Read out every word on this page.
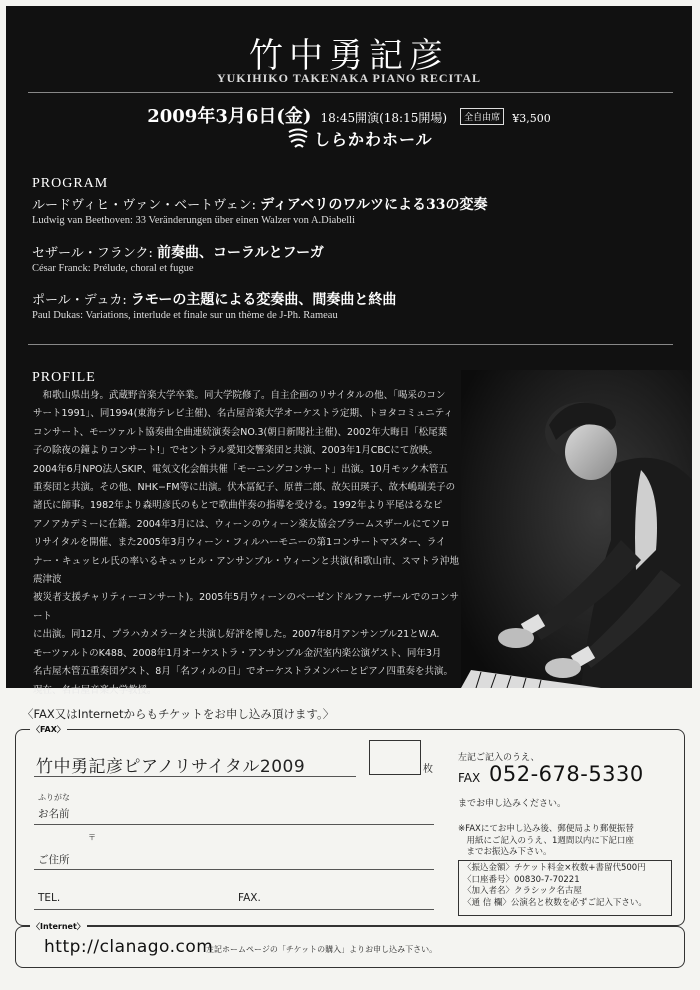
竹中勇記彦
YUKIHIKO TAKENAKA PIANO RECITAL
2009年3月6日(金) 18:45開演(18:15開場) 全自由席 ¥3,500
しらかわホール
PROGRAM
ルードヴィヒ・ヴァン・ベートヴェン: ディアベリのワルツによる33の変奏
Ludwig van Beethoven: 33 Veränderungen über einen Walzer von A.Diabelli
セザール・フランク: 前奏曲、コーラルとフーガ
César Franck: Prélude, choral et fugue
ポール・デュカ: ラモーの主題による変奏曲、間奏曲と終曲
Paul Dukas: Variations, interlude et finale sur un thème de J-Ph. Rameau
PROFILE
　和歌山県出身。武蔵野音楽大学卒業。同大学院修了。自主企画のリサイタルの他、「喝采のコン
サート1991」、同1994(東海テレビ主催)、名古屋音楽大学オーケストラ定期、トヨタコミュニティ
コンサート、モーツァルト協奏曲全曲連続演奏会NO.3(朝日新聞社主催)、2002年大晦日「松尾葉
子の除夜の鐘よりコンサート!」でセントラル愛知交響楽団と共演、2003年1月CBCにて放映。
2004年6月NPO法人SKIP、電気文化会館共催「モーニングコンサート」出演。10月モック木管五
重奏団と共演。その他、NHK−FM等に出演。伏木冨紀子、原普二郎、故矢田瑛子、故木嶋瑞美子の
諸氏に師事。1982年より森明彦氏のもとで歌曲伴奏の指導を受ける。1992年より平尾はるなピ
アノアカデミーに在籍。2004年3月には、ウィーンのウィーン楽友協会ブラームスザールにてソロ
リサイタルを開催、また2005年3月ウィーン・フィルハーモニーの第1コンサートマスター、ライ
ナー・キュッヒル氏の率いるキュッヒル・アンサンブル・ウィーンと共演(和歌山市、スマトラ沖地震津波
被災者支援チャリティーコンサート)。2005年5月ウィーンのベーゼンドルファーザールでのコンサート
に出演。同12月、プラハカメラータと共演し好評を博した。2007年8月アンサンブル21とW.A.
モーツァルトのK488、2008年1月オーケストラ・アンサンブル金沢室内楽公演ゲスト、同年3月
名古屋木管五重奏団ゲスト、8月「名フィルの日」でオーケストラメンバーとピアノ四重奏を共演。
現在、名古屋音楽大学教授。
〈FAX又はInternetからもチケットをお申し込み頂けます。〉
〈FAX〉
竹中勇記彦ピアノリサイタル2009	枚
ふりがな
お名前
〒
ご住所
TEL.	FAX.
左記ご記入のうえ、
FAX 052-678-5330
までお申し込みください。
※FAXにてお申し込み後、郵便局より郵便振替
　用紙にご記入のうえ、1週間以内に下記口座
　までお振込み下さい。
〈振込金額〉チケット料金×枚数+書留代500円
〈口座番号〉00830-7-70221
〈加入者名〉クラシック名古屋
〈通 信 欄〉公演名と枚数を必ずご記入下さい。
〈Internet〉
http://clanago.com
左記ホームページの「チケットの購入」よりお申し込み下さい。
